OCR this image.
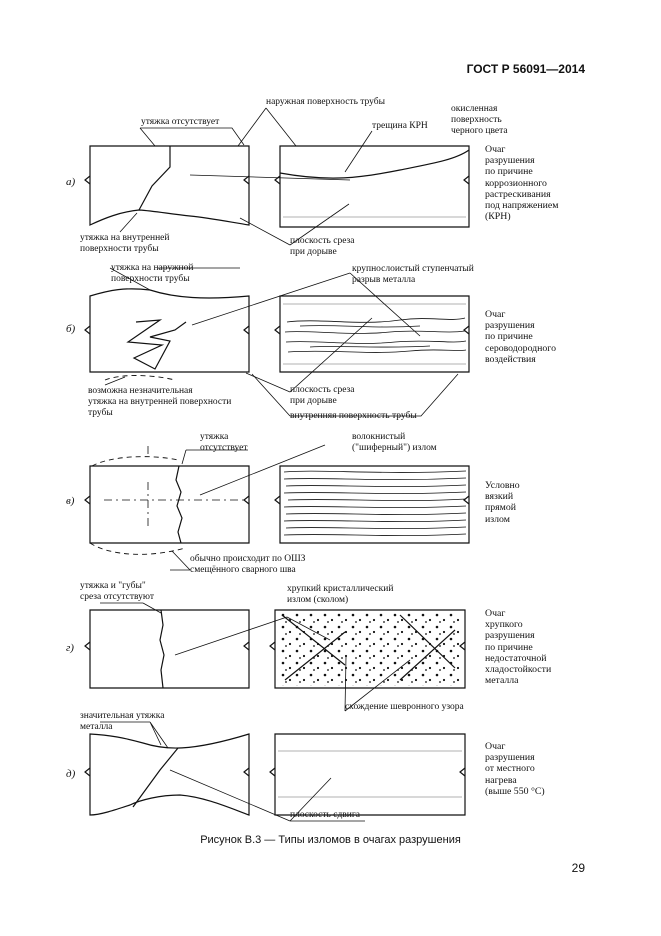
ГОСТ Р 56091—2014
а)
б)
в)
г)
д)
утяжка отсутствует
наружная поверхность трубы
окисленная
поверхность
черного цвета
трещина КРН
утяжка на внутренней
поверхности трубы
плоскость среза
при дорыве
Очаг
разрушения
по причине
коррозионного
растрескивания
под напряжением
(КРН)
утяжка на наружной
поверхности трубы
крупнослоистый ступенчатый
разрыв металла
возможна незначительная
утяжка на внутренней поверхности
трубы
плоскость среза
при дорыве
внутренняя поверхность трубы
Очаг
разрушения
по причине
сероводородного
воздействия
утяжка
отсутствует
волокнистый
("шиферный") излом
обычно происходит по ОШЗ
смещённого сварного шва
Условно
вязкий
прямой
излом
утяжка и "губы"
среза отсутствуют
хрупкий кристаллический
излом (сколом)
схождение шевронного узора
Очаг
хрупкого
разрушения
по причине
недостаточной
хладостойкости
металла
значительная утяжка
металла
плоскость сдвига
Очаг
разрушения
от местного
нагрева
(выше 550 °С)
Рисунок В.3 — Типы изломов в очагах разрушения
29
